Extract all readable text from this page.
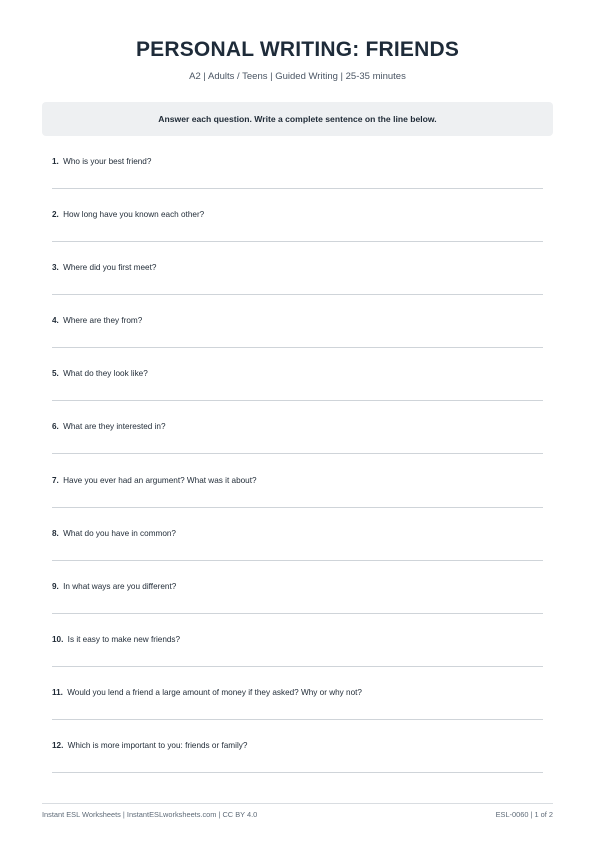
PERSONAL WRITING: FRIENDS
A2 | Adults / Teens | Guided Writing | 25-35 minutes
Answer each question. Write a complete sentence on the line below.
1. Who is your best friend?
2. How long have you known each other?
3. Where did you first meet?
4. Where are they from?
5. What do they look like?
6. What are they interested in?
7. Have you ever had an argument? What was it about?
8. What do you have in common?
9. In what ways are you different?
10. Is it easy to make new friends?
11. Would you lend a friend a large amount of money if they asked? Why or why not?
12. Which is more important to you: friends or family?
Instant ESL Worksheets | InstantESLworksheets.com | CC BY 4.0	ESL-0060 | 1 of 2
